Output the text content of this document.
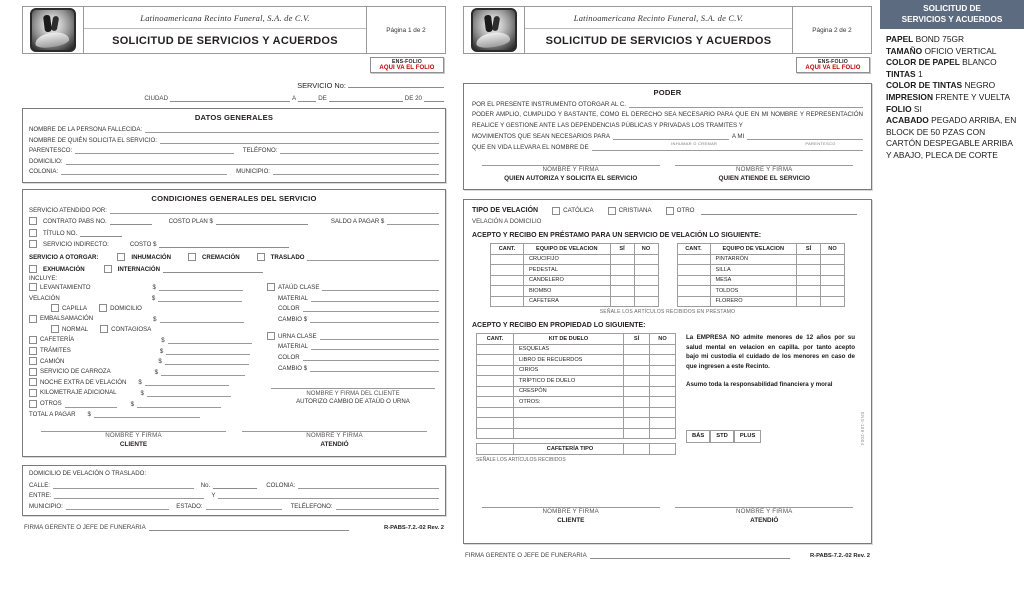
Latinoamericana Recinto Funeral, S.A. de C.V.
SOLICITUD DE SERVICIOS Y ACUERDOS
Página 1 de 2
ENS-FOLIO
AQUI VA EL FOLIO
SERVICIO No:
CIUDAD	A	DE	DE 20
DATOS GENERALES
NOMBRE DE LA PERSONA FALLECIDA:
NOMBRE DE QUIÉN SOLICITA EL SERVICIO:
PARENTESCO:	TELÉFONO:
DOMICILIO:
COLONIA:	MUNICIPIO:
CONDICIONES GENERALES DEL SERVICIO
SERVICIO ATENDIDO POR:
CONTRATO PABS NO.	COSTO PLAN $	SALDO A PAGAR $
TÍTULO NO.
SERVICIO INDIRECTO:	COSTO $
SERVICIO A OTORGAR:	INHUMACIÓN	CREMACIÓN	TRASLADO
EXHUMACIÓN	INTERNACIÓN
INCLUYE:
LEVANTAMIENTO	$
VELACIÓN	$
CAPILLA	DOMICILIO
EMBALSAMACIÓN	$
NORMAL	CONTAGIOSA
CAFETERÍA	$
TRÁMITES	$
CAMIÓN	$
SERVICIO DE CARROZA	$
NOCHE EXTRA DE VELACIÓN $
KILOMETRAJE ADICIONAL	$
OTROS	$
TOTAL A PAGAR $
ATAÚD CLASE
MATERIAL
COLOR
CAMBIO $
URNA CLASE
MATERIAL
COLOR
CAMBIO $
NOMBRE Y FIRMA DEL CLIENTE
AUTORIZO CAMBIO DE ATAÚD O URNA
NOMBRE Y FIRMA
CLIENTE
NOMBRE Y FIRMA
ATENDIÓ
DOMICILIO DE VELACIÓN O TRASLADO:
CALLE:	No.	COLONIA:
ENTRE:	Y
MUNICIPIO:	ESTADO:	TELÉLEFONO:
FIRMA GERENTE O JEFE DE FUNERARIA	R-PABS-7.2.-02 Rev. 2
Latinoamericana Recinto Funeral, S.A. de C.V.
SOLICITUD DE SERVICIOS Y ACUERDOS
Página 2 de 2
ENS-FOLIO
AQUI VA EL FOLIO
PODER
POR EL PRESENTE INSTRUMENTO OTORGAR AL C.
PODER AMPLIO, CUMPLIDO Y BASTANTE, COMO EL DERECHO SEA NECESARIO PARA QUE EN MI NOMBRE Y REPRESENTACIÓN REALICE Y GESTIONE ANTE LAS DEPENDENCIAS PÚBLICAS Y PRIVADAS LOS TRAMITES Y
MOVIMIENTOS QUE SEAN NECESARIOS PARA	A MI
INHUMAR O CREMAR	PARENTESCO
QUE EN VIDA LLEVARA EL NOMBRE DE
NOMBRE Y FIRMA
QUIEN AUTORIZA Y SOLICITA EL SERVICIO
NOMBRE Y FIRMA
QUIEN ATIENDE EL SERVICIO
TIPO DE VELACIÓN	CATÓLICA	CRISTIANA	OTRO
VELACIÓN A DOMICILIO
ACEPTO Y RECIBO EN PRÉSTAMO PARA UN SERVICIO DE VELACIÓN LO SIGUIENTE:
CANT.	EQUIPO DE VELACION	SÍ	NO
	CRUCIFIJO		
	PEDESTAL		
	CANDELERO		
	BIOMBO		
	CAFETERA		
CANT.	EQUIPO DE VELACION	SÍ	NO
	PINTARRÓN		
	SILLA		
	MESA		
	TOLDOS		
	FLORERO		
SEÑALE LOS ARTÍCULOS RECIBIDOS EN PRÉSTAMO
ACEPTO Y RECIBO EN PROPIEDAD LO SIGUIENTE:
CANT.	KIT DE DUELO	SÍ	NO
	ESQUELAS		
	LIBRO DE RECUERDOS		
	CIRIOS		
	TRÍPTICO DE DUELO		
	CRESPÓN		
	OTROS:		

	CAFETERÍA TIPO		
SEÑALE LOS ARTÍCULOS RECIBIDOS
La EMPRESA NO admite menores de 12 años por su salud mental en velacion en capilla. por tanto acepto bajo mi custodia el cuidado de los menores en caso de que ingresen a este Recinto.
Asumo toda la responsabilidad financiera y moral
BÁS	STD	PLUS	ENS-109-2004
NOMBRE Y FIRMA
CLIENTE
NOMBRE Y FIRMA
ATENDIÓ
FIRMA GERENTE O JEFE DE FUNERARIA	R-PABS-7.2.-02 Rev. 2
SOLICITUD DE
SERVICIOS Y ACUERDOS
PAPEL BOND 75GR
TAMAÑO OFICIO VERTICAL
COLOR DE PAPEL BLANCO
TINTAS 1
COLOR DE TINTAS NEGRO
IMPRESION FRENTE Y VUELTA
FOLIO SI
ACABADO PEGADO ARRIBA, EN BLOCK DE 50 PZAS CON CARTÓN DESPEGABLE ARRIBA Y ABAJO, PLECA DE CORTE
